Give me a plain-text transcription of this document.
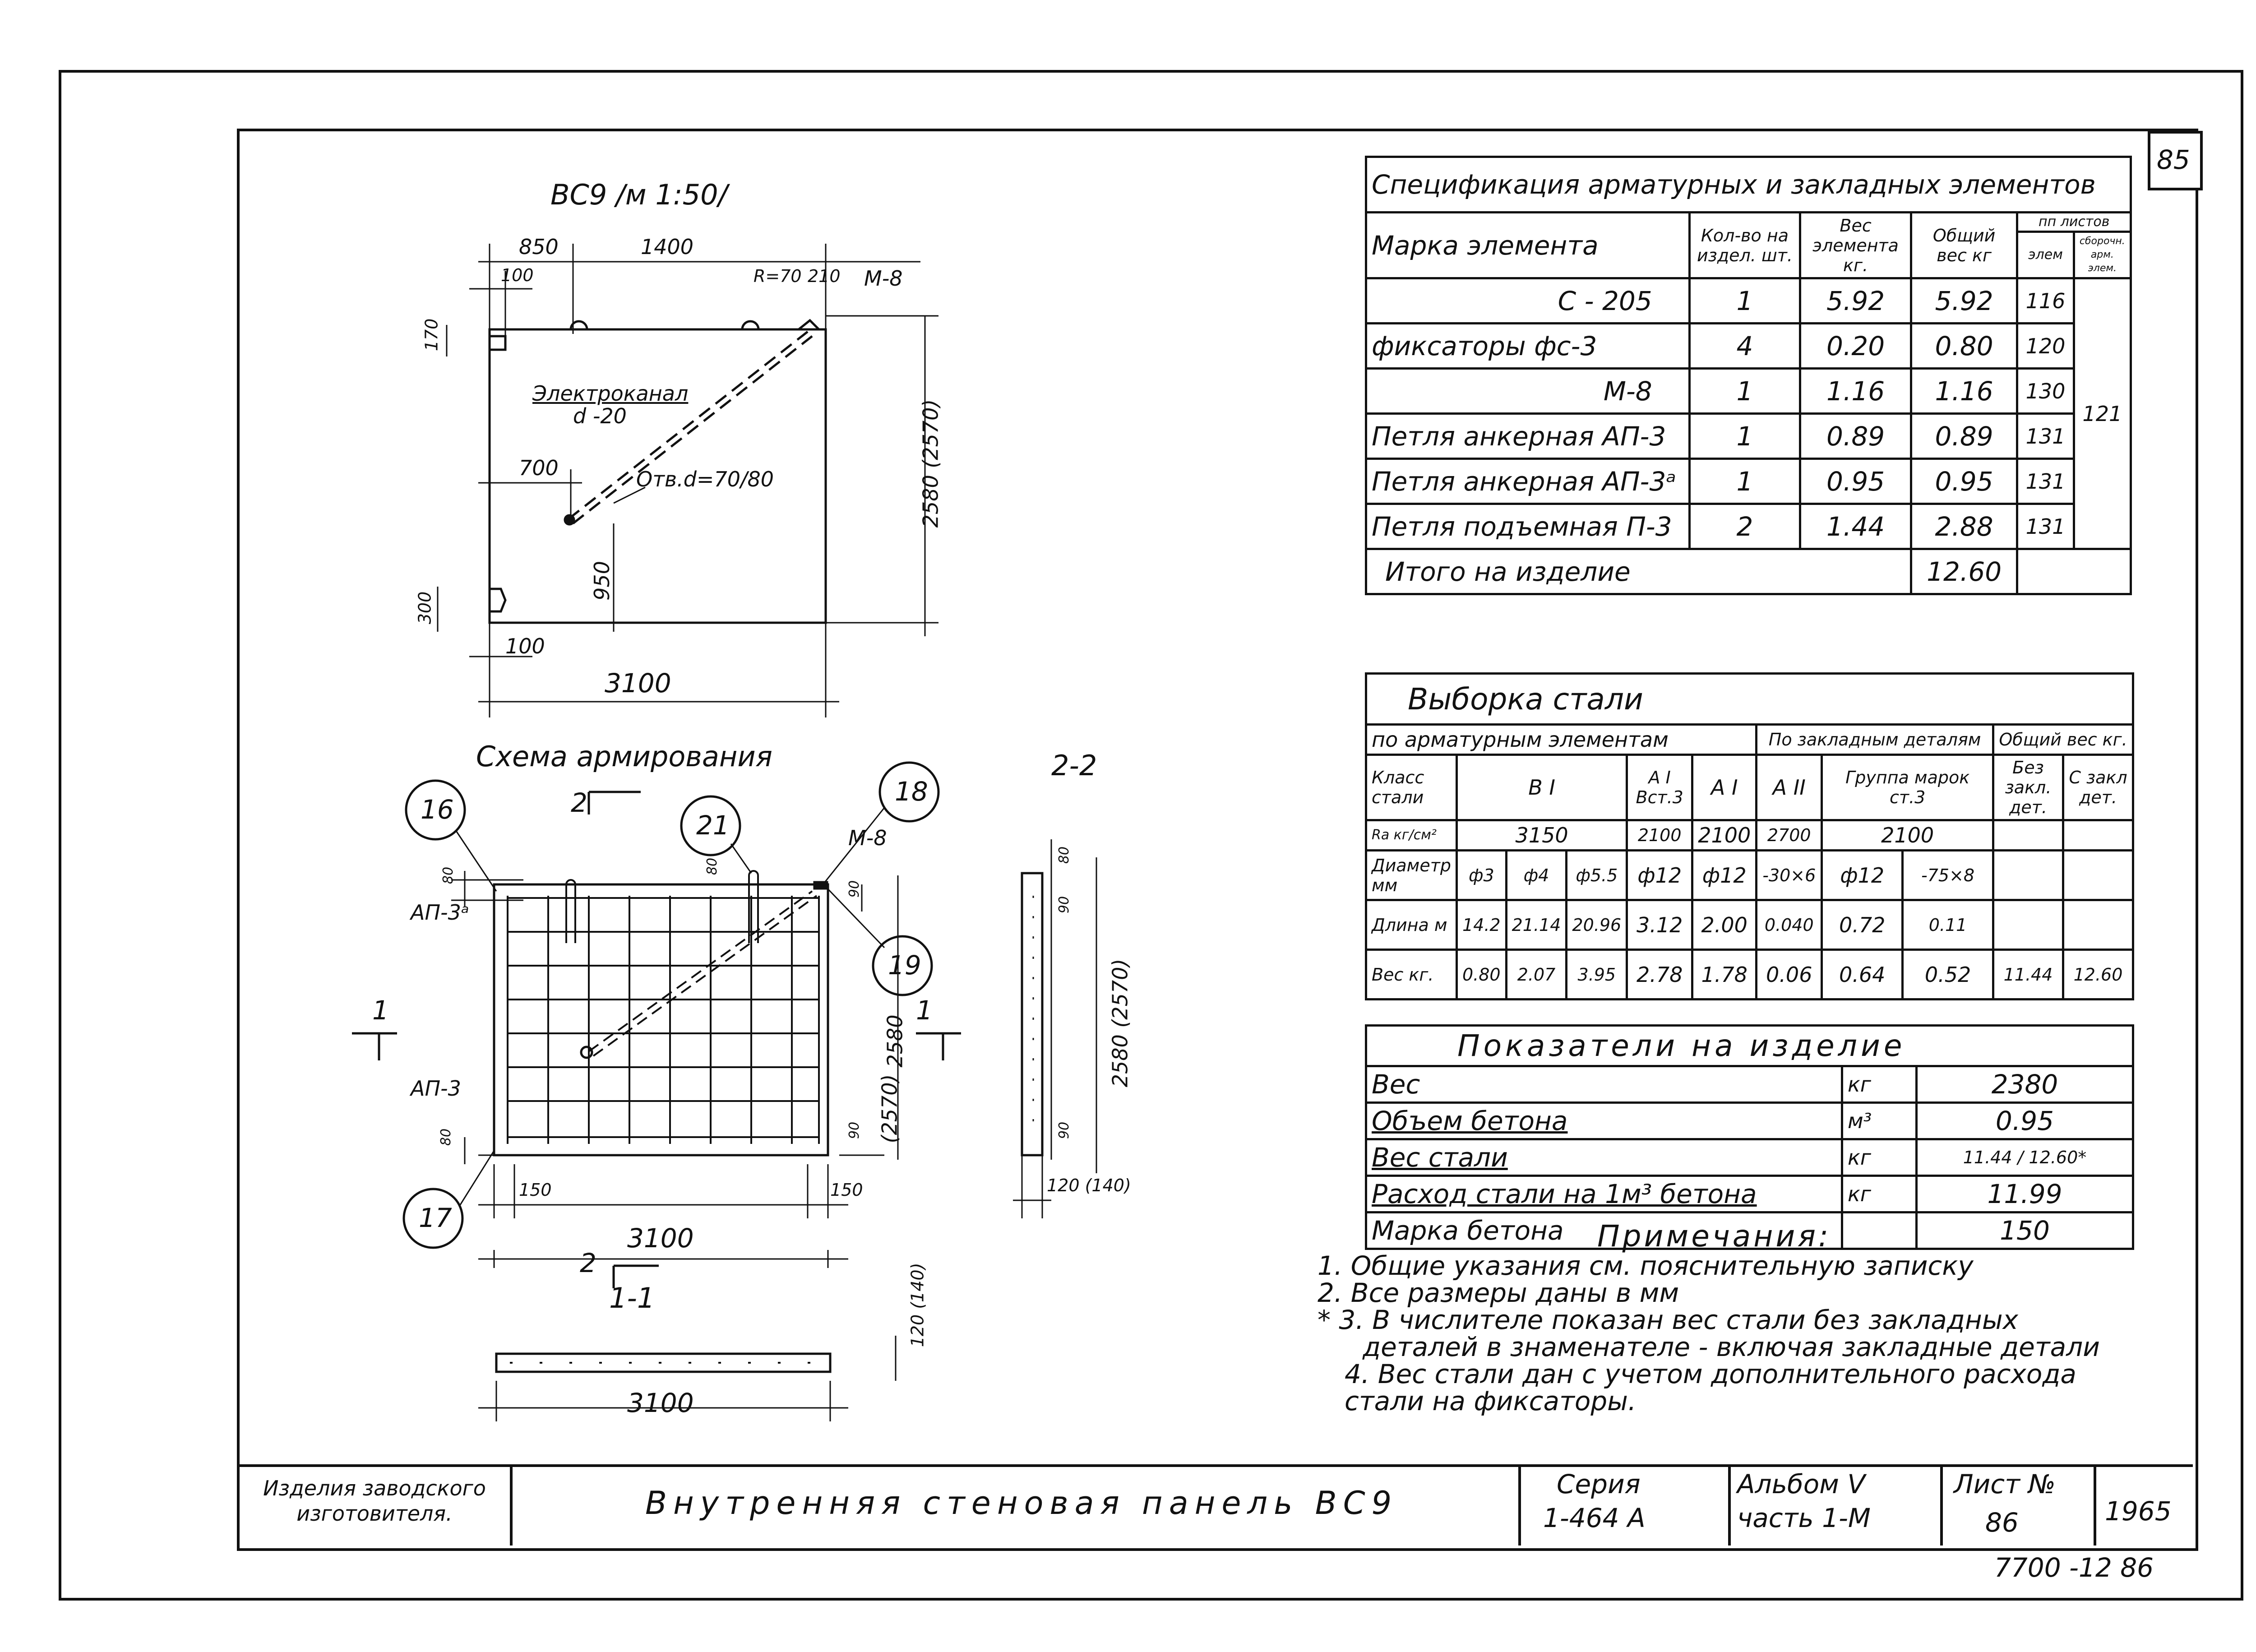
85
ВС9 /м 1:50/
Схема армирования	2-2
1-1
850	1400
100	R=70 210 М-8
170
2580 (2570)
Электроканал
d -20
700	Отв.d=70/80
950
300
100
3100
16
21
18
19
17
2
М-8
80
80
90
АП-3ᵃ
1
2580
(2570)
АП-3
80	90
150	150
3100
2
1
80
90
2580 (2570)
90
120 (140)
120 (140)
3100
Спецификация арматурных и закладных элементов					
Марка элемента	Кол-во на издел. шт.	Вес элемента кг.	Общий вес кг	пп листов	
				элем	сборочн. арм. элем.
С - 205	1	5.92	5.92	116	121
фиксаторы фс-3	4	0.20	0.80	120	
М-8	1	1.16	1.16	130	
Петля анкерная АП-3	1	0.89	0.89	131	
Петля анкерная АП-3ᵃ	1	0.95	0.95	131	
Петля подъемная П-3	2	1.44	2.88	131	
Итого на изделие			12.60		
Выборка стали										
по арматурным элементам						По закладным деталям			Общий вес кг.	
Класс стали	В I			А I Вст.3	А I	А II	Группа марок ст.3		Без закл. дет.	С закл дет.
Ra кг/см²	3150			2100	2100	2700	2100			
Диаметр мм	ф3	ф4	ф5.5	ф12	ф12	-30×6	ф12	-75×8		
Длина м	14.2	21.14	20.96	3.12	2.00	0.040	0.72	0.11		
Вес кг.	0.80	2.07	3.95	2.78	1.78	0.06	0.64	0.52	11.44	12.60
Показатели на изделие		
Вес	кг	2380
Объем бетона	м³	0.95
Вес стали	кг	11.44 / 12.60*
Расход стали на 1м³ бетона	кг	11.99
Марка бетона		150
Примечания:
1. Общие указания см. пояснительную записку
2. Все размеры даны в мм
* 3. В числителе показан вес стали без закладных
деталей в знаменателе - включая закладные детали
4. Вес стали дан с учетом дополнительного расхода
стали на фиксаторы.
Изделия заводского изготовителя.	Внутренняя стеновая панель ВС9
Серия
1-464 А
Альбом V
часть 1-М
Лист №
86	1965
7700 -12 86
